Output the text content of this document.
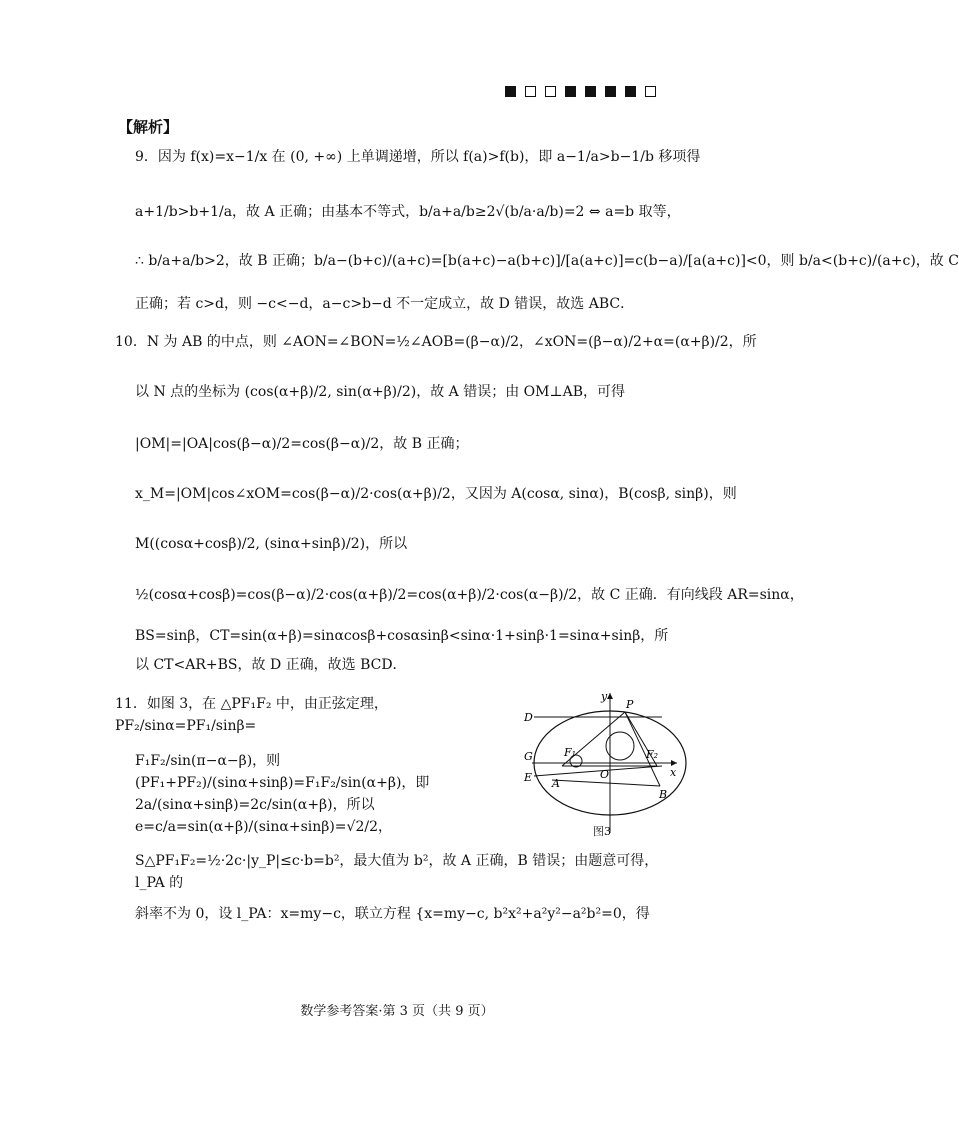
【解析】
9．因为 f(x)=x−1/x 在 (0, +∞) 上单调递增，所以 f(a)>f(b)，即 a−1/a>b−1/b 移项得
a+1/b>b+1/a，故 A 正确；由基本不等式，b/a+a/b≥2√(b/a·a/b)=2 ⇔ a=b 取等，
∴ b/a+a/b>2，故 B 正确；b/a−(b+c)/(a+c)=[b(a+c)−a(b+c)]/[a(a+c)]=c(b−a)/[a(a+c)]<0，则 b/a<(b+c)/(a+c)，故 C
正确；若 c>d，则 −c<−d，a−c>b−d 不一定成立，故 D 错误，故选 ABC．
10．N 为 AB 的中点，则 ∠AON=∠BON=½∠AOB=(β−α)/2，∠xON=(β−α)/2+α=(α+β)/2，所
以 N 点的坐标为 (cos(α+β)/2, sin(α+β)/2)，故 A 错误；由 OM⊥AB，可得
|OM|=|OA|cos(β−α)/2=cos(β−α)/2，故 B 正确；
x_M=|OM|cos∠xOM=cos(β−α)/2·cos(α+β)/2，又因为 A(cosα, sinα)，B(cosβ, sinβ)，则
M((cosα+cosβ)/2, (sinα+sinβ)/2)，所以
½(cosα+cosβ)=cos(β−α)/2·cos(α+β)/2=cos(α+β)/2·cos(α−β)/2，故 C 正确．有向线段 AR=sinα，
BS=sinβ，CT=sin(α+β)=sinαcosβ+cosαsinβ<sinα·1+sinβ·1=sinα+sinβ，所
以 CT<AR+BS，故 D 正确，故选 BCD．
11．如图 3，在 △PF₁F₂ 中，由正弦定理，PF₂/sinα=PF₁/sinβ=
F₁F₂/sin(π−α−β)，则 (PF₁+PF₂)/(sinα+sinβ)=F₁F₂/sin(α+β)，即
2a/(sinα+sinβ)=2c/sin(α+β)，所以 e=c/a=sin(α+β)/(sinα+sinβ)=√2/2，
S△PF₁F₂=½·2c·|y_P|≤c·b=b²，最大值为 b²，故 A 正确，B 错误；由题意可得，l_PA 的
斜率不为 0，设 l_PA：x=my−c，联立方程 {x=my−c, b²x²+a²y²−a²b²=0，得
D
G
E A
F₁
O
F₂
B
P
x
y
图3
数学参考答案·第 3 页（共 9 页）
